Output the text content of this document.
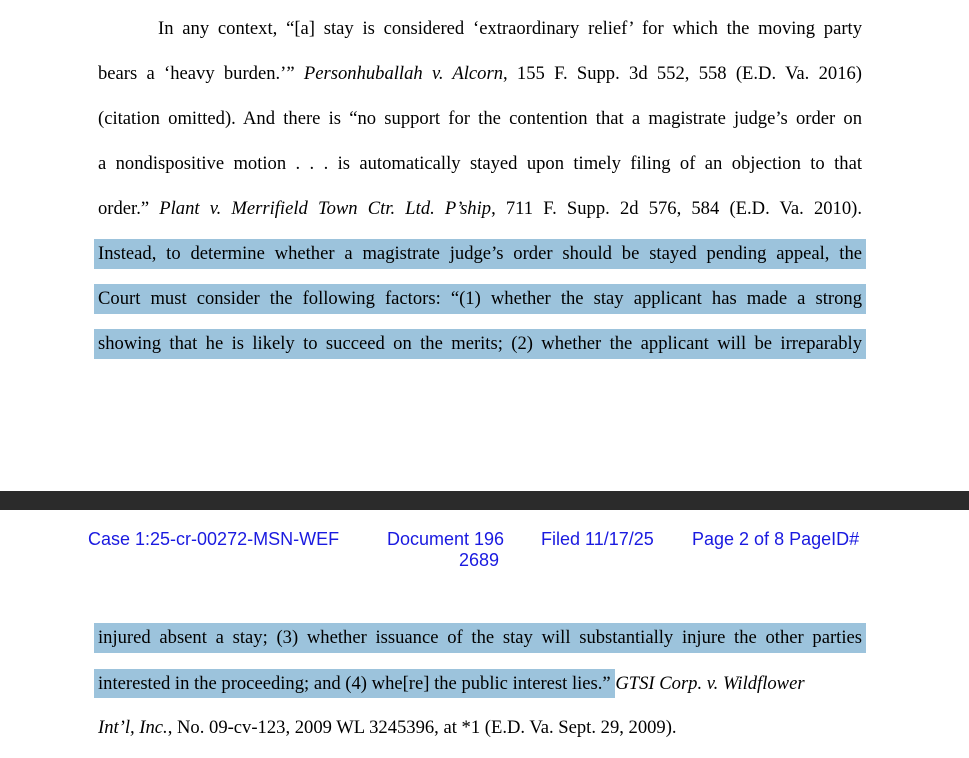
In any context, “[a] stay is considered ‘extraordinary relief’ for which the moving party
bears a ‘heavy burden.’” Personhuballah v. Alcorn, 155 F. Supp. 3d 552, 558 (E.D. Va. 2016)
(citation omitted). And there is “no support for the contention that a magistrate judge’s order on
a nondispositive motion . . . is automatically stayed upon timely filing of an objection to that
order.” Plant v. Merrifield Town Ctr. Ltd. P’ship, 711 F. Supp. 2d 576, 584 (E.D. Va. 2010).
Instead, to determine whether a magistrate judge’s order should be stayed pending appeal, the
Court must consider the following factors: “(1) whether the stay applicant has made a strong
showing that he is likely to succeed on the merits; (2) whether the applicant will be irreparably
Case 1:25-cr-00272-MSN-WEF	Document 196
2689
Filed 11/17/25 Page 2 of 8 PageID#
injured absent a stay; (3) whether issuance of the stay will substantially injure the other parties
interested in the proceeding; and (4) whe[re] the public interest lies.” GTSI Corp. v. Wildflower
Int’l, Inc., No. 09-cv-123, 2009 WL 3245396, at *1 (E.D. Va. Sept. 29, 2009).
